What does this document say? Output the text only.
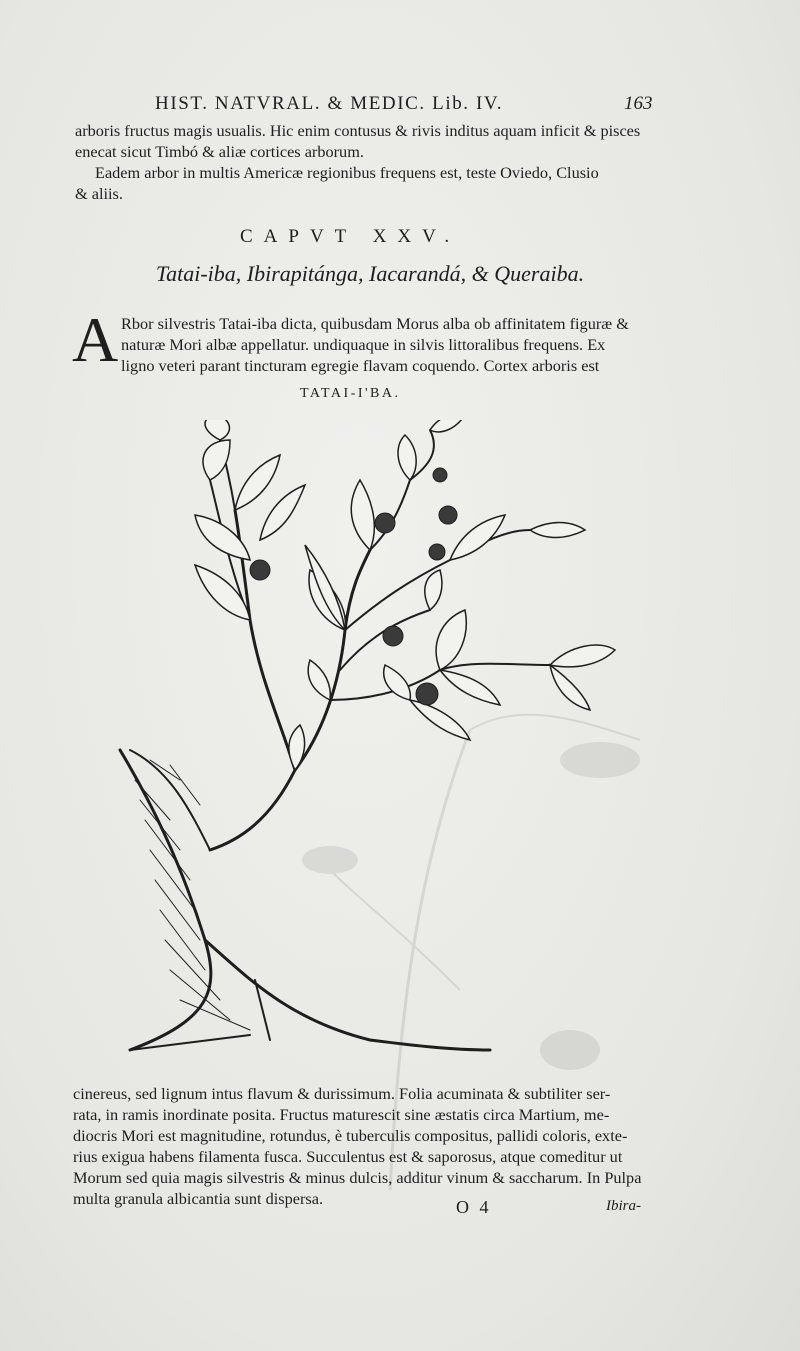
HIST. NATVRAL. & MEDIC. Lib. IV.	163
arboris fructus magis usualis. Hic enim contusus & rivis inditus aquam inficit & pisces
enecat sicut Timbó & aliæ cortices arborum.
Eadem arbor in multis Americæ regionibus frequens est, teste Oviedo, Clusio
& aliis.
CAPVT XXV.
Tatai-iba, Ibirapitánga, Iacarandá, & Queraiba.
A Rbor silvestris Tatai-iba dicta, quibusdam Morus alba ob affinitatem figuræ &
naturæ Mori albæ appellatur. undiquaque in silvis littoralibus frequens. Ex
ligno veteri parant tincturam egregie flavam coquendo. Cortex arboris est
TATAI-I'BA.
cinereus, sed lignum intus flavum & durissimum. Folia acuminata & subtiliter ser-
rata, in ramis inordinate posita. Fructus maturescit sine æstatis circa Martium, me-
diocris Mori est magnitudine, rotundus, è tuberculis compositus, pallidi coloris, exte-
rius exigua habens filamenta fusca. Succulentus est & saporosus, atque comeditur ut
Morum sed quia magis silvestris & minus dulcis, additur vinum & saccharum. In Pulpa
multa granula albicantia sunt dispersa.	O 4	Ibira-
